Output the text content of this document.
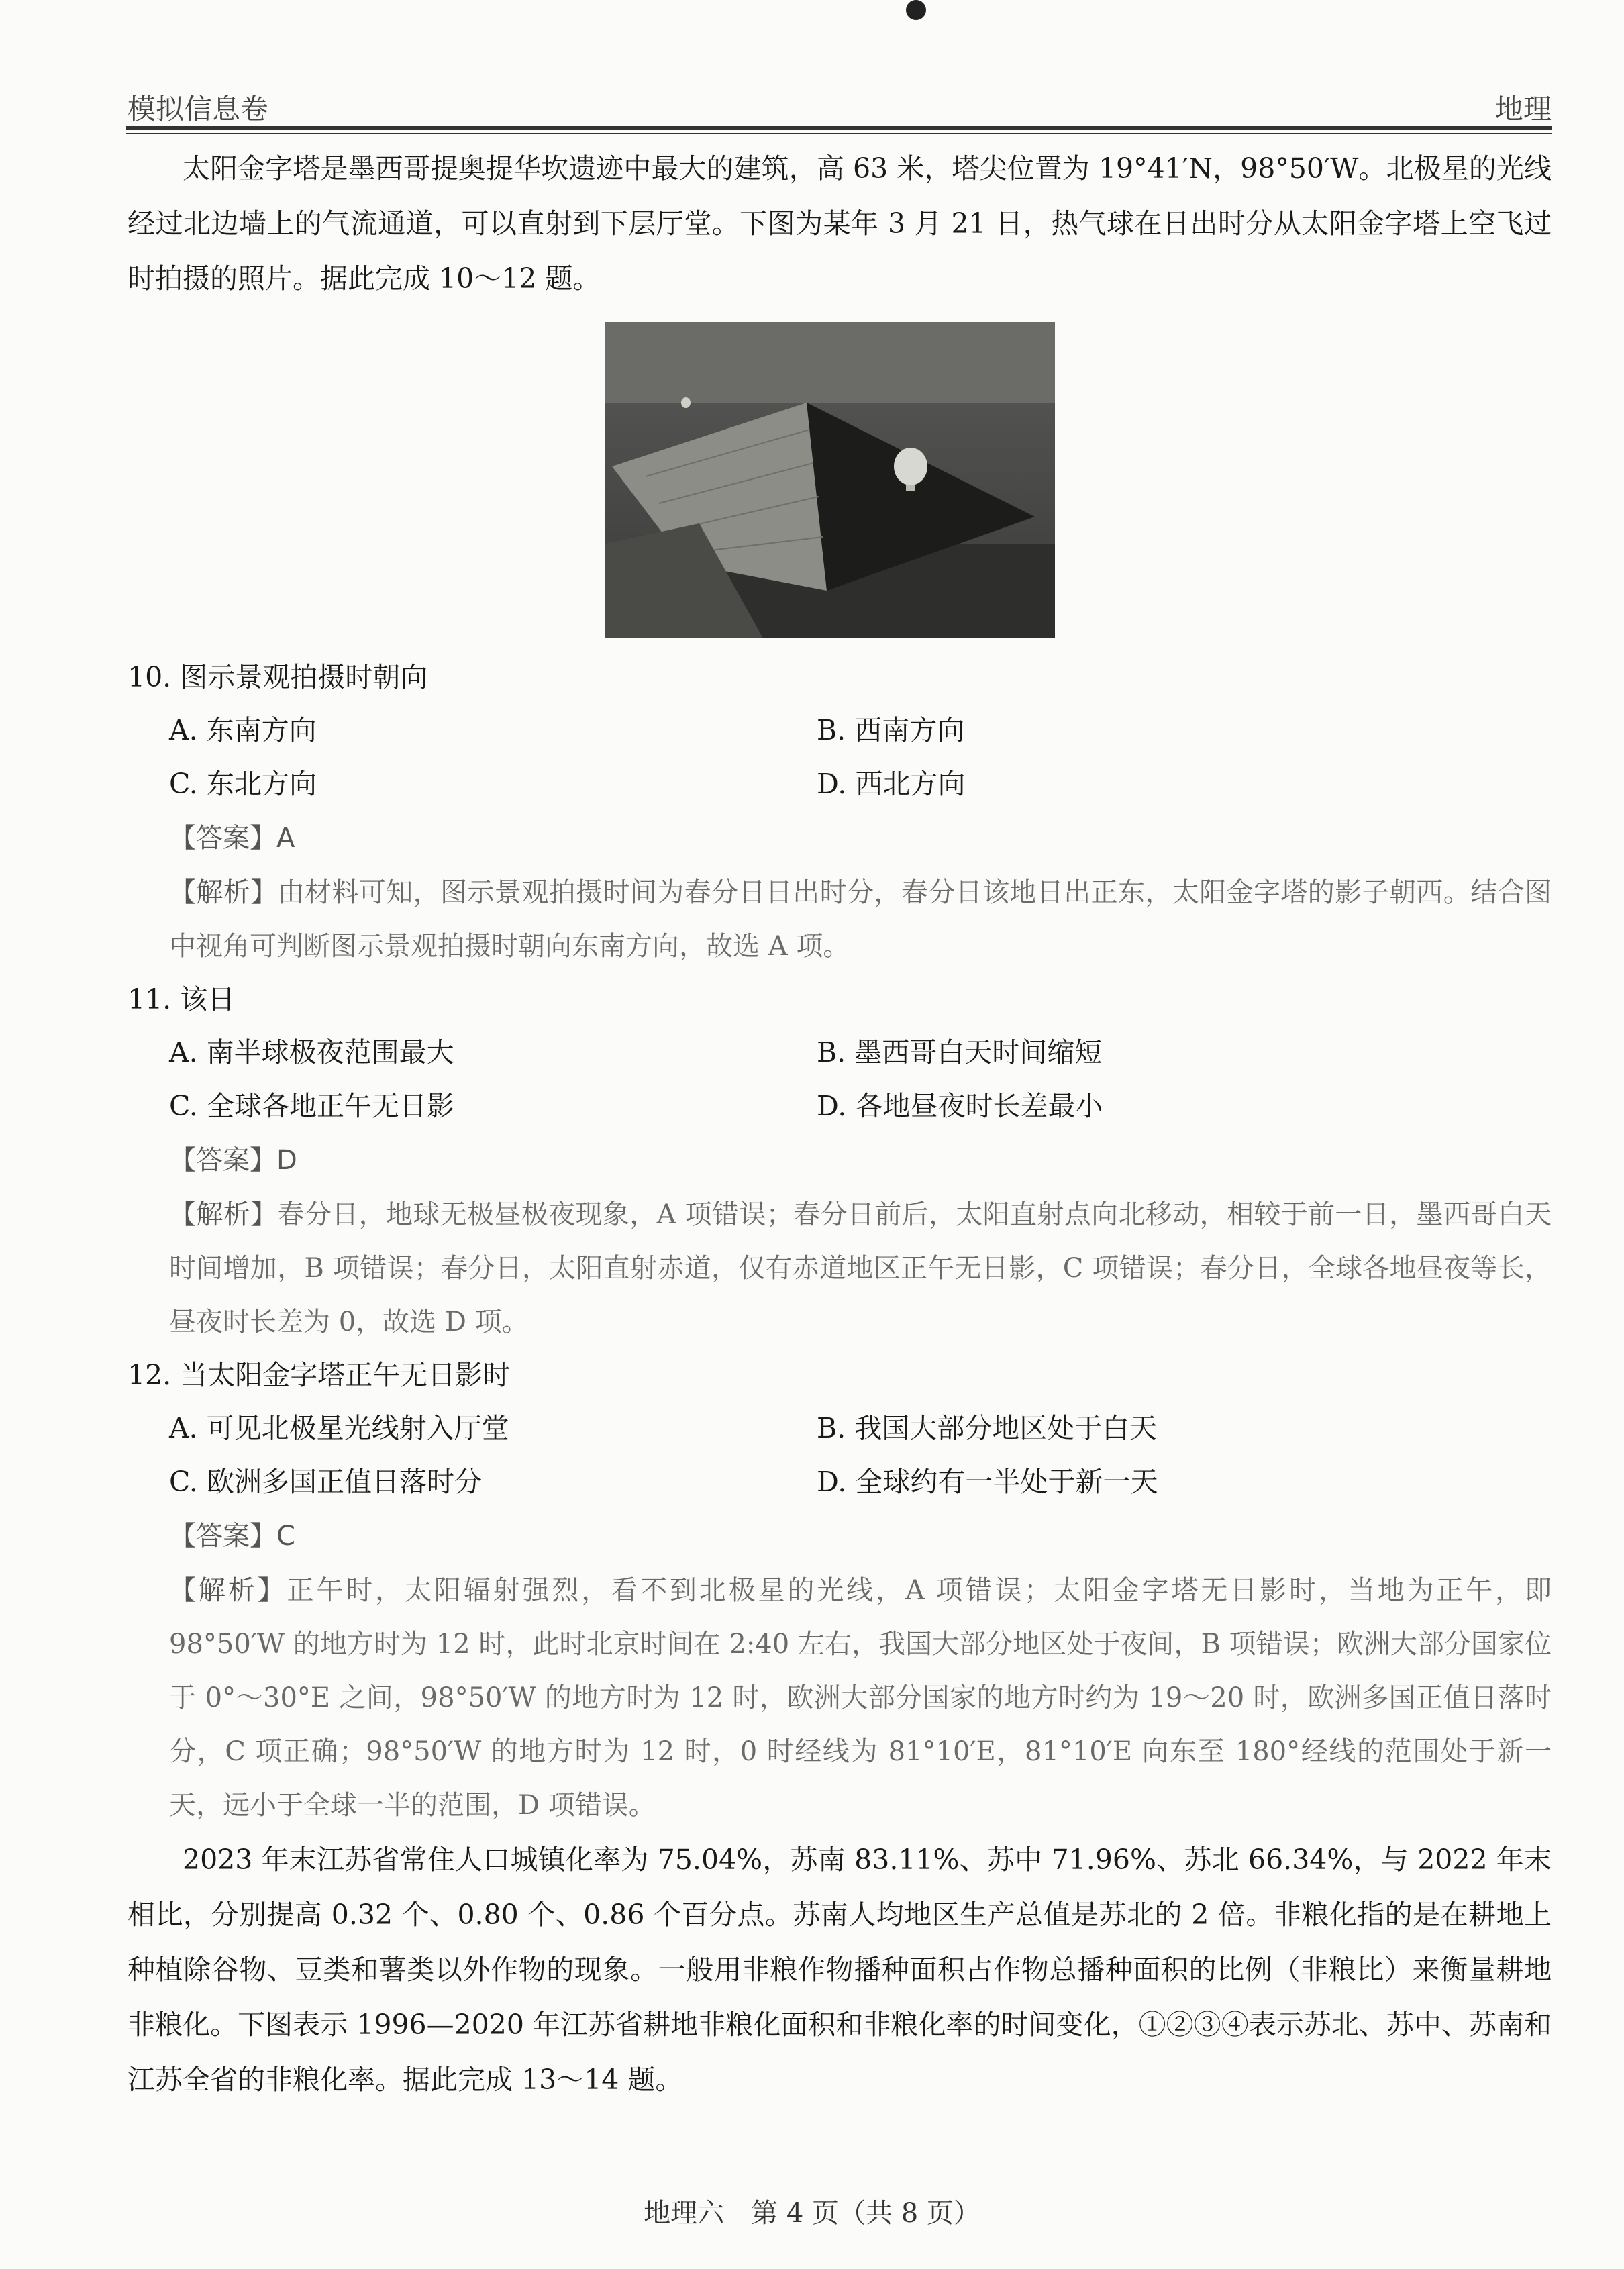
模拟信息卷	地理

太阳金字塔是墨西哥提奥提华坎遗迹中最大的建筑，高 63 米，塔尖位置为 19°41′N，98°50′W。北极星的光线经过北边墙上的气流通道，可以直射到下层厅堂。下图为某年 3 月 21 日，热气球在日出时分从太阳金字塔上空飞过时拍摄的照片。据此完成 10～12 题。

10. 图示景观拍摄时朝向

A. 东南方向	B. 西南方向
C. 东北方向	D. 西北方向

【答案】A

【解析】由材料可知，图示景观拍摄时间为春分日日出时分，春分日该地日出正东，太阳金字塔的影子朝西。结合图中视角可判断图示景观拍摄时朝向东南方向，故选 A 项。

11. 该日

A. 南半球极夜范围最大	B. 墨西哥白天时间缩短
C. 全球各地正午无日影	D. 各地昼夜时长差最小

【答案】D

【解析】春分日，地球无极昼极夜现象，A 项错误；春分日前后，太阳直射点向北移动，相较于前一日，墨西哥白天时间增加，B 项错误；春分日，太阳直射赤道，仅有赤道地区正午无日影，C 项错误；春分日，全球各地昼夜等长，昼夜时长差为 0，故选 D 项。

12. 当太阳金字塔正午无日影时

A. 可见北极星光线射入厅堂	B. 我国大部分地区处于白天
C. 欧洲多国正值日落时分	D. 全球约有一半处于新一天

【答案】C

【解析】正午时，太阳辐射强烈，看不到北极星的光线，A 项错误；太阳金字塔无日影时，当地为正午，即 98°50′W 的地方时为 12 时，此时北京时间在 2:40 左右，我国大部分地区处于夜间，B 项错误；欧洲大部分国家位于 0°～30°E 之间，98°50′W 的地方时为 12 时，欧洲大部分国家的地方时约为 19～20 时，欧洲多国正值日落时分，C 项正确；98°50′W 的地方时为 12 时，0 时经线为 81°10′E，81°10′E 向东至 180°经线的范围处于新一天，远小于全球一半的范围，D 项错误。

2023 年末江苏省常住人口城镇化率为 75.04%，苏南 83.11%、苏中 71.96%、苏北 66.34%，与 2022 年末相比，分别提高 0.32 个、0.80 个、0.86 个百分点。苏南人均地区生产总值是苏北的 2 倍。非粮化指的是在耕地上种植除谷物、豆类和薯类以外作物的现象。一般用非粮作物播种面积占作物总播种面积的比例（非粮比）来衡量耕地非粮化。下图表示 1996—2020 年江苏省耕地非粮化面积和非粮化率的时间变化，①②③④表示苏北、苏中、苏南和江苏全省的非粮化率。据此完成 13～14 题。

地理六　第 4 页（共 8 页）
